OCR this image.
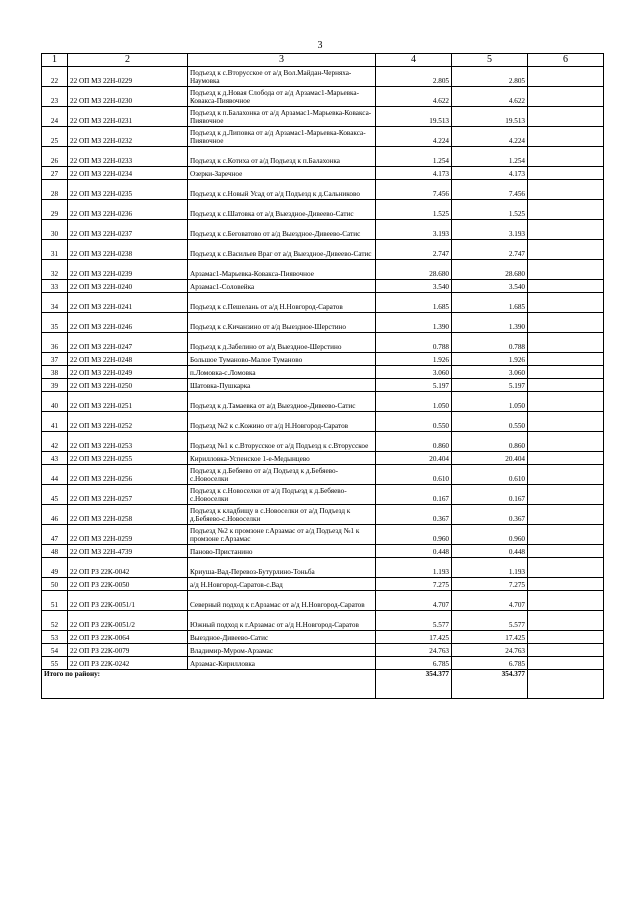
3
1	2	3	4	5	6
22	22 ОП МЗ 22Н-0229	Подъезд к с.Вторусское от а/д Вол.Майдан-Черняха-Наумовка	2.805	2.805	
23	22 ОП МЗ 22Н-0230	Подъезд к д.Новая Слобода от а/д Арзамас1-Марьевка-Ковакса-Пиявочное	4.622	4.622	
24	22 ОП МЗ 22Н-0231	Подъезд к п.Балахонка от а/д Арзамас1-Марьевка-Ковакса-Пиявочное	19.513	19.513	
25	22 ОП МЗ 22Н-0232	Подъезд к д.Липовка от а/д Арзамас1-Марьевка-Ковакса-Пиявочное	4.224	4.224	
26	22 ОП МЗ 22Н-0233	Подъезд к с.Котиха от а/д Подъезд к п.Балахонка	1.254	1.254	
27	22 ОП МЗ 22Н-0234	Озерки-Заречное	4.173	4.173	
28	22 ОП МЗ 22Н-0235	Подъезд к с.Новый Усад от а/д Подъезд к д.Сальниково	7.456	7.456	
29	22 ОП МЗ 22Н-0236	Подъезд к с.Шатовка от а/д Выездное-Дивеево-Сатис	1.525	1.525	
30	22 ОП МЗ 22Н-0237	Подъезд к с.Беговатово от а/д Выездное-Дивеево-Сатис	3.193	3.193	
31	22 ОП МЗ 22Н-0238	Подъезд к с.Васильев Враг от а/д Выездное-Дивеево-Сатис	2.747	2.747	
32	22 ОП МЗ 22Н-0239	Арзамас1-Марьевка-Ковакса-Пиявочное	28.680	28.680	
33	22 ОП МЗ 22Н-0240	Арзамас1-Соловейка	3.540	3.540	
34	22 ОП МЗ 22Н-0241	Подъезд к с.Пешелань от а/д Н.Новгород-Саратов	1.685	1.685	
35	22 ОП МЗ 22Н-0246	Подъезд к с.Кичанзино от а/д Выездное-Шерстино	1.390	1.390	
36	22 ОП МЗ 22Н-0247	Подъезд к д.Забелино от а/д Выездное-Шерстино	0.788	0.788	
37	22 ОП МЗ 22Н-0248	Большое Туманово-Малое Туманово	1.926	1.926	
38	22 ОП МЗ 22Н-0249	п.Ломовка-с.Ломовка	3.060	3.060	
39	22 ОП МЗ 22Н-0250	Шатовка-Пушкарка	5.197	5.197	
40	22 ОП МЗ 22Н-0251	Подъезд к д.Тамаевка от а/д Выездное-Дивеево-Сатис	1.050	1.050	
41	22 ОП МЗ 22Н-0252	Подъезд №2 к с.Кожино от а/д Н.Новгород-Саратов	0.550	0.550	
42	22 ОП МЗ 22Н-0253	Подъезд №1 к с.Вторусское от а/д Подъезд к с.Вторусское	0.860	0.860	
43	22 ОП МЗ 22Н-0255	Кирилловка-Успенское 1-е-Медынцево	20.404	20.404	
44	22 ОП МЗ 22Н-0256	Подъезд к д.Бебяево от а/д Подъезд к д.Бебяево-с.Новоселки	0.610	0.610	
45	22 ОП МЗ 22Н-0257	Подъезд к с.Новоселки от а/д Подъезд к д.Бебяево-с.Новоселки	0.167	0.167	
46	22 ОП МЗ 22Н-0258	Подъезд к кладбищу в с.Новоселки от а/д Подъезд к д.Бебяево-с.Новоселки	0.367	0.367	
47	22 ОП МЗ 22Н-0259	Подъезд №2 к промзоне г.Арзамас от а/д Подъезд №1 к промзоне г.Арзамас	0.960	0.960	
48	22 ОП МЗ 22Н-4739	Паново-Пристанино	0.448	0.448	
49	22 ОП РЗ 22К-0042	Криуша-Вад-Перевоз-Бутурлино-Тоньба	1.193	1.193	
50	22 ОП РЗ 22К-0050	а/д Н.Новгород-Саратов-с.Вад	7.275	7.275	
51	22 ОП РЗ 22К-0051/1	Северный подход к г.Арзамас от а/д Н.Новгород-Саратов	4.707	4.707	
52	22 ОП РЗ 22К-0051/2	Южный подход к г.Арзамас от а/д Н.Новгород-Саратов	5.577	5.577	
53	22 ОП РЗ 22К-0064	Выездное-Дивеево-Сатис	17.425	17.425	
54	22 ОП РЗ 22К-0079	Владимир-Муром-Арзамас	24.763	24.763	
55	22 ОП РЗ 22К-0242	Арзамас-Кирилловка	6.785	6.785	
Итого по району:			354.377	354.377	
